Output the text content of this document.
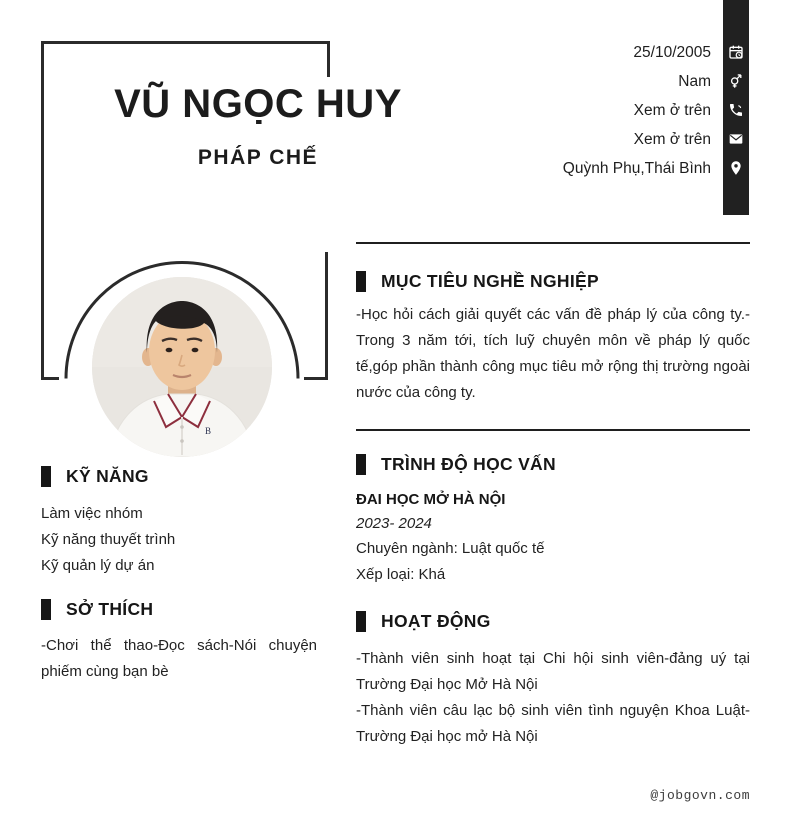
VŨ NGỌC HUY
PHÁP CHẾ
25/10/2005
Nam
Xem ở trên
Xem ở trên
Quỳnh Phụ,Thái Bình
B
KỸ NĂNG
Làm việc nhóm
Kỹ năng thuyết trình
Kỹ quản lý dự án
SỞ THÍCH
-Chơi thể thao-Đọc sách-Nói chuyện phiếm cùng bạn bè
MỤC TIÊU NGHỀ NGHIỆP
-Học hỏi cách giải quyết các vấn đề pháp lý của công ty.-Trong 3 năm tới, tích luỹ chuyên môn về pháp lý quốc tế,góp phần thành công mục tiêu mở rộng thị trường ngoài nước của công ty.
TRÌNH ĐỘ HỌC VẤN
ĐAI HỌC MỞ HÀ NỘI
2023- 2024
Chuyên ngành: Luật quốc tế
Xếp loại: Khá
HOẠT ĐỘNG
-Thành viên sinh hoạt tại Chi hội sinh viên-đảng uý tại Trường Đại học Mở Hà Nội
-Thành viên câu lạc bộ sinh viên tình nguyện Khoa Luật-Trường Đại học mở Hà Nội
@jobgovn.com
